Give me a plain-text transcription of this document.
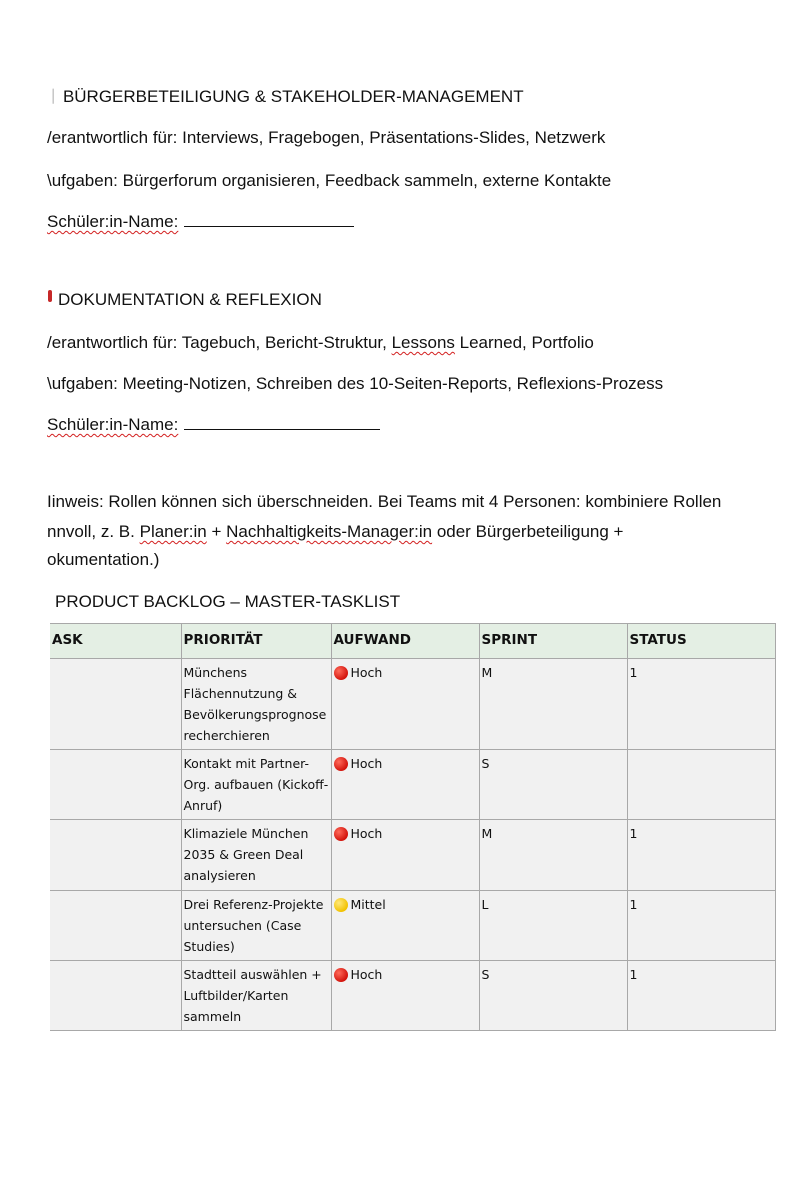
ᛁ BÜRGERBETEILIGUNG & STAKEHOLDER-MANAGEMENT
/erantwortlich für: Interviews, Fragebogen, Präsentations-Slides, Netzwerk
\ufgaben: Bürgerforum organisieren, Feedback sammeln, externe Kontakte
Schüler:in-Name:
DOKUMENTATION & REFLEXION
/erantwortlich für: Tagebuch, Bericht-Struktur, Lessons Learned, Portfolio
\ufgaben: Meeting-Notizen, Schreiben des 10-Seiten-Reports, Reflexions-Prozess
Schüler:in-Name:
Iinweis: Rollen können sich überschneiden. Bei Teams mit 4 Personen: kombiniere Rollen
nnvoll, z. B. Planer:in + Nachhaltigkeits-Manager:in oder Bürgerbeteiligung +
okumentation.)
PRODUCT BACKLOG – MASTER-TASKLIST
ASK	PRIORITÄT	AUFWAND	SPRINT	STATUS
	Münchens Flächennutzung & Bevölkerungsprognose recherchieren	Hoch	M	1
	Kontakt mit Partner-Org. aufbauen (Kickoff-Anruf)	Hoch	S	
	Klimaziele München 2035 & Green Deal analysieren	Hoch	M	1
	Drei Referenz-Projekte untersuchen (Case Studies)	Mittel	L	1
	Stadtteil auswählen + Luftbilder/Karten sammeln	Hoch	S	1
